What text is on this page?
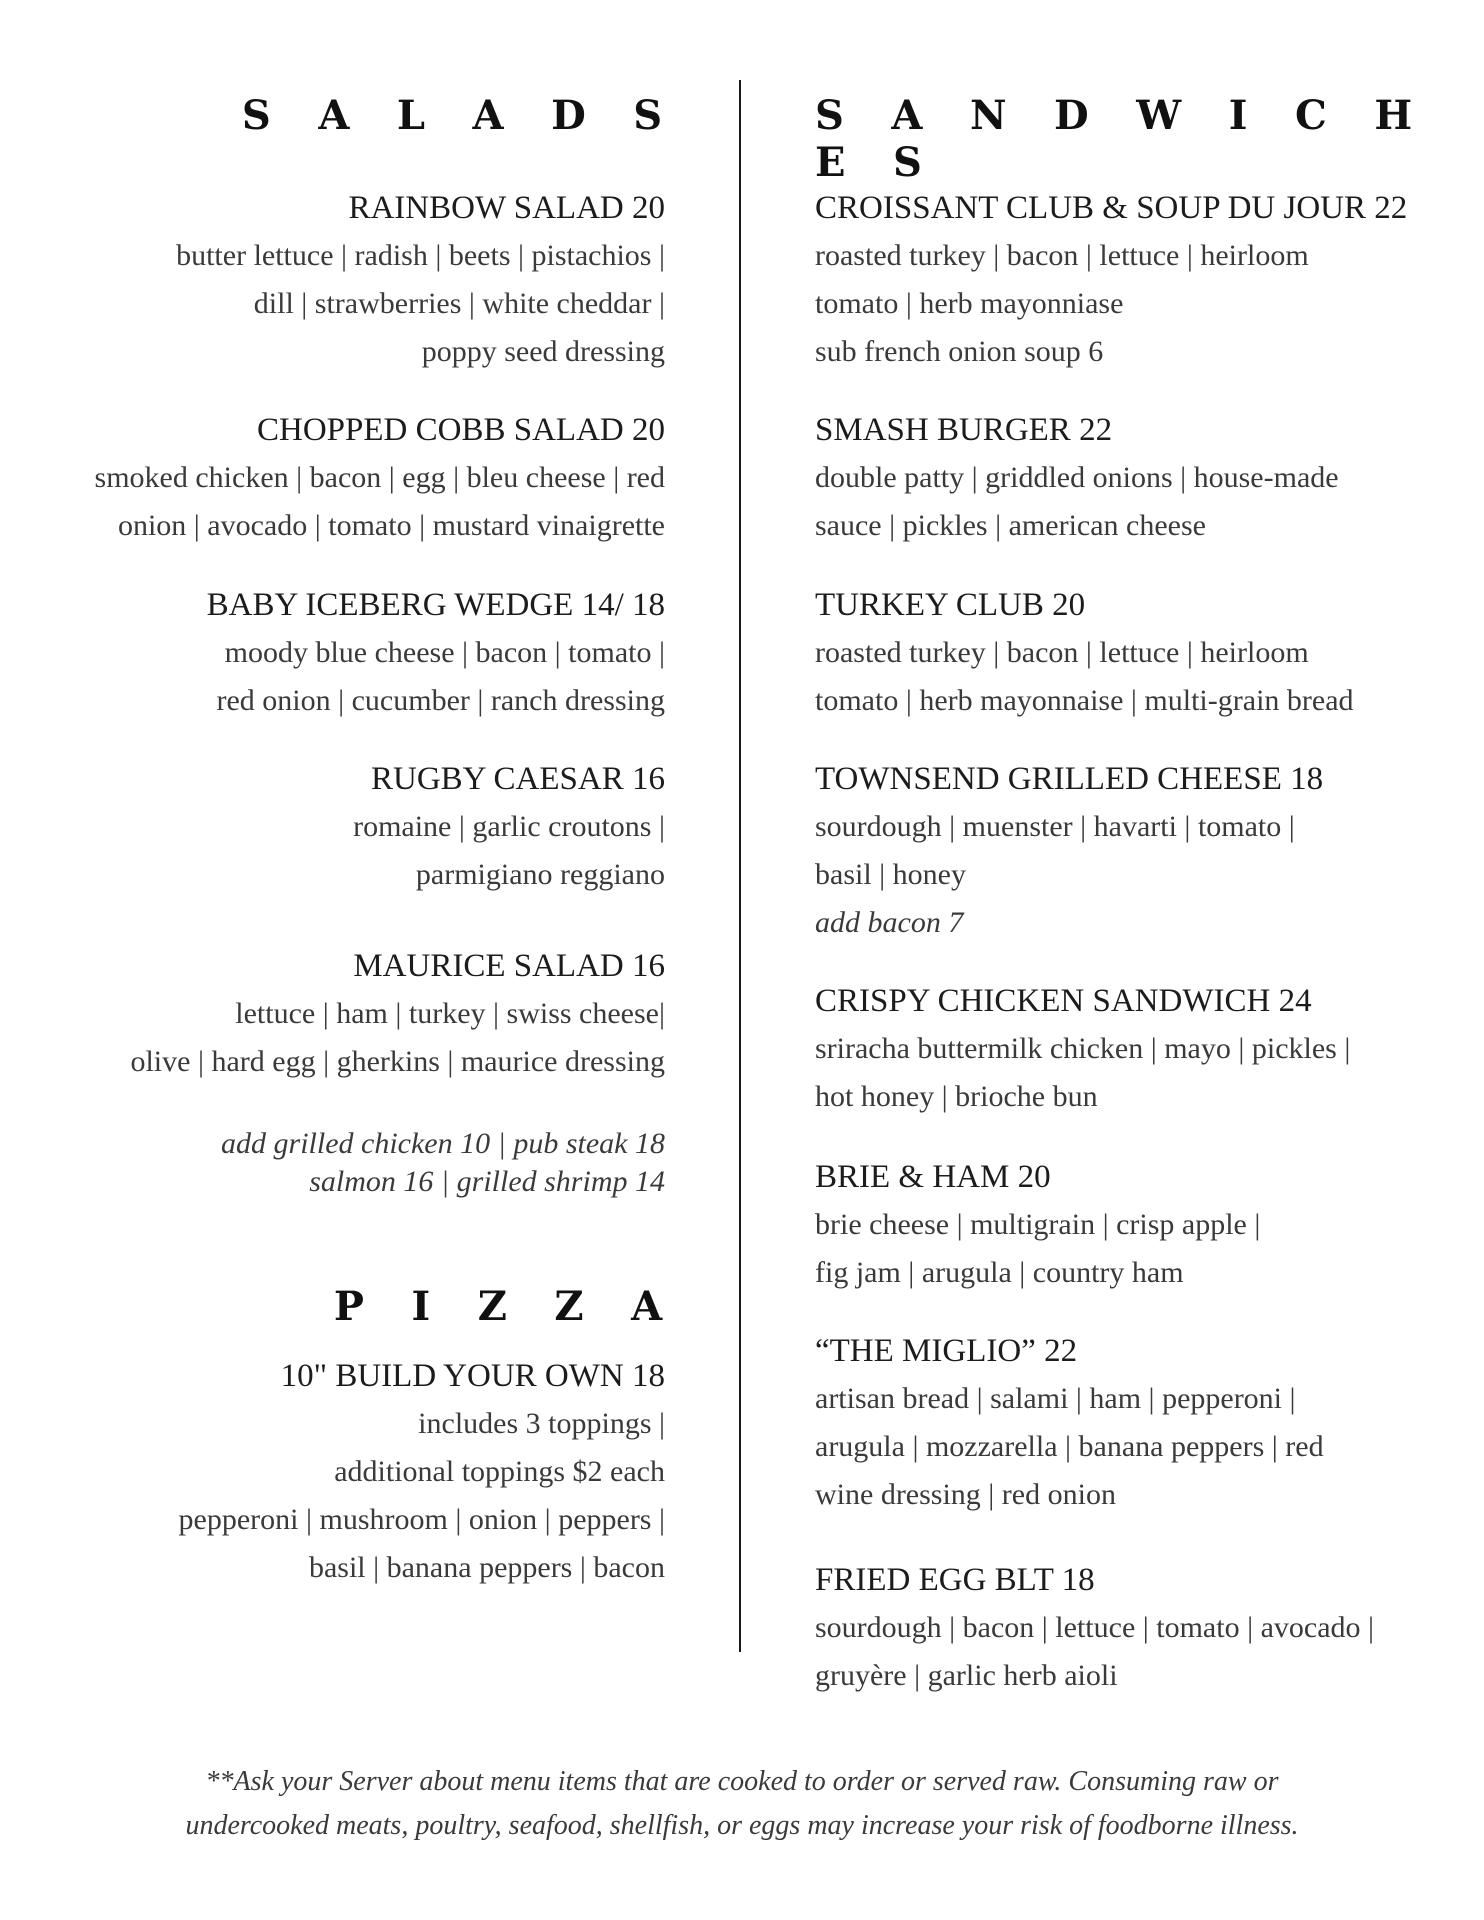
S A L A D S
RAINBOW SALAD 20
butter lettuce | radish | beets | pistachios |
dill | strawberries | white cheddar |
poppy seed dressing
CHOPPED COBB SALAD 20
smoked chicken | bacon | egg | bleu cheese | red
onion | avocado | tomato | mustard vinaigrette
BABY ICEBERG WEDGE 14/ 18
moody blue cheese | bacon | tomato |
red onion | cucumber | ranch dressing
RUGBY CAESAR 16
romaine | garlic croutons |
parmigiano reggiano
MAURICE SALAD 16
lettuce | ham | turkey | swiss cheese|
olive | hard egg | gherkins | maurice dressing
add grilled chicken 10 | pub steak 18
salmon 16 | grilled shrimp 14
P I Z Z A
10" BUILD YOUR OWN 18
includes 3 toppings |
additional toppings $2 each
pepperoni | mushroom | onion | peppers |
basil | banana peppers | bacon
S A N D W I C H E S
CROISSANT CLUB & SOUP DU JOUR 22
roasted turkey | bacon | lettuce | heirloom
tomato | herb mayonniase
sub french onion soup 6
SMASH BURGER 22
double patty | griddled onions | house-made
sauce | pickles | american cheese
TURKEY CLUB 20
roasted turkey | bacon | lettuce | heirloom
tomato | herb mayonnaise | multi-grain bread
TOWNSEND GRILLED CHEESE 18
sourdough | muenster | havarti | tomato |
basil | honey
add bacon 7
CRISPY CHICKEN SANDWICH 24
sriracha buttermilk chicken | mayo | pickles |
hot honey | brioche bun
BRIE & HAM 20
brie cheese | multigrain | crisp apple |
fig jam | arugula | country ham
“THE MIGLIO” 22
artisan bread | salami | ham | pepperoni |
arugula | mozzarella | banana peppers | red
wine dressing | red onion
FRIED EGG BLT 18
sourdough | bacon | lettuce | tomato | avocado |
gruyère | garlic herb aioli
**Ask your Server about menu items that are cooked to order or served raw. Consuming raw or
undercooked meats, poultry, seafood, shellfish, or eggs may increase your risk of foodborne illness.
